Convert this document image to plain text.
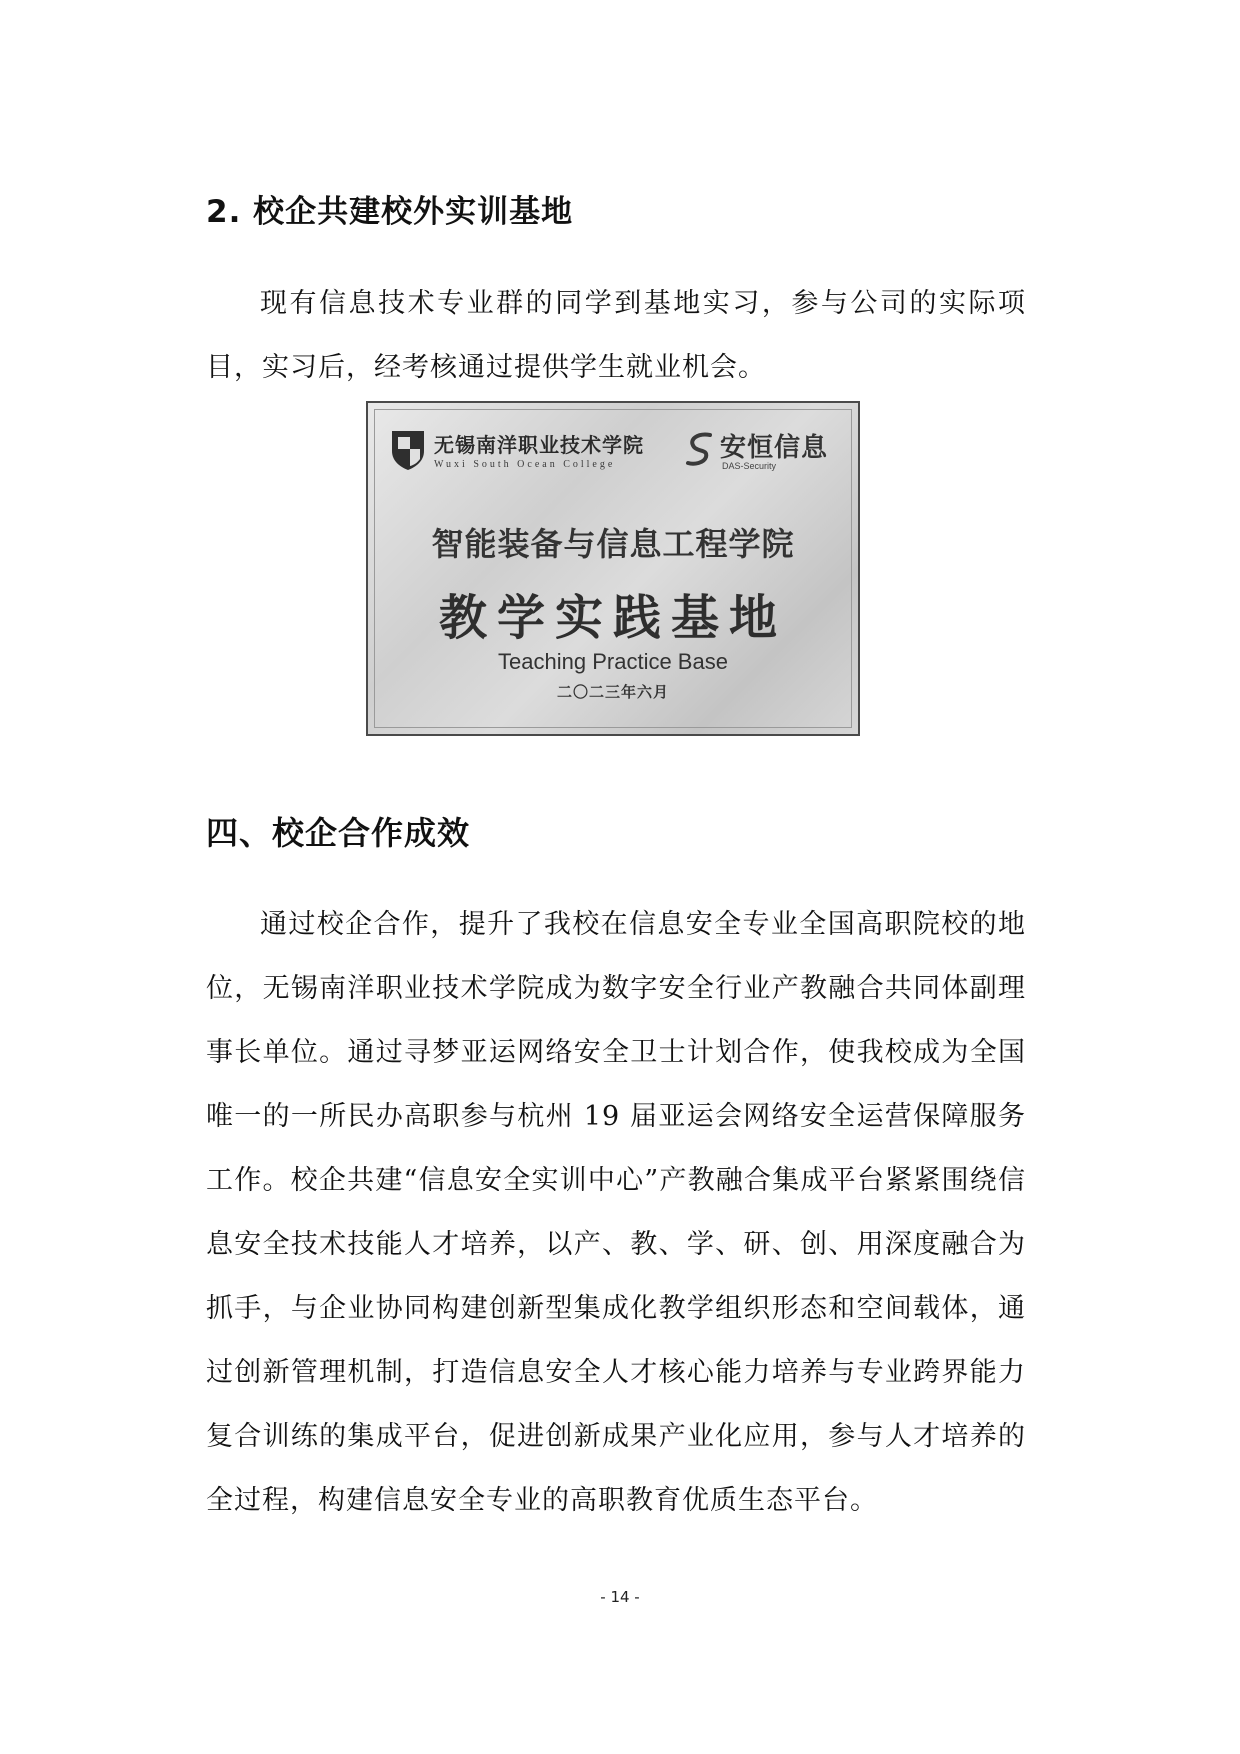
2. 校企共建校外实训基地

现有信息技术专业群的同学到基地实习，参与公司的实际项目，实习后，经考核通过提供学生就业机会。

无锡南洋职业技术学院
Wuxi South Ocean College
安恒信息
DAS-Security
智能装备与信息工程学院
教学实践基地
Teaching Practice Base
二〇二三年六月
四、校企合作成效

通过校企合作，提升了我校在信息安全专业全国高职院校的地位，无锡南洋职业技术学院成为数字安全行业产教融合共同体副理事长单位。通过寻梦亚运网络安全卫士计划合作，使我校成为全国唯一的一所民办高职参与杭州 19 届亚运会网络安全运营保障服务工作。校企共建“信息安全实训中心”产教融合集成平台紧紧围绕信息安全技术技能人才培养，以产、教、学、研、创、用深度融合为抓手，与企业协同构建创新型集成化教学组织形态和空间载体，通过创新管理机制，打造信息安全人才核心能力培养与专业跨界能力复合训练的集成平台，促进创新成果产业化应用，参与人才培养的全过程，构建信息安全专业的高职教育优质生态平台。

- 14 -
